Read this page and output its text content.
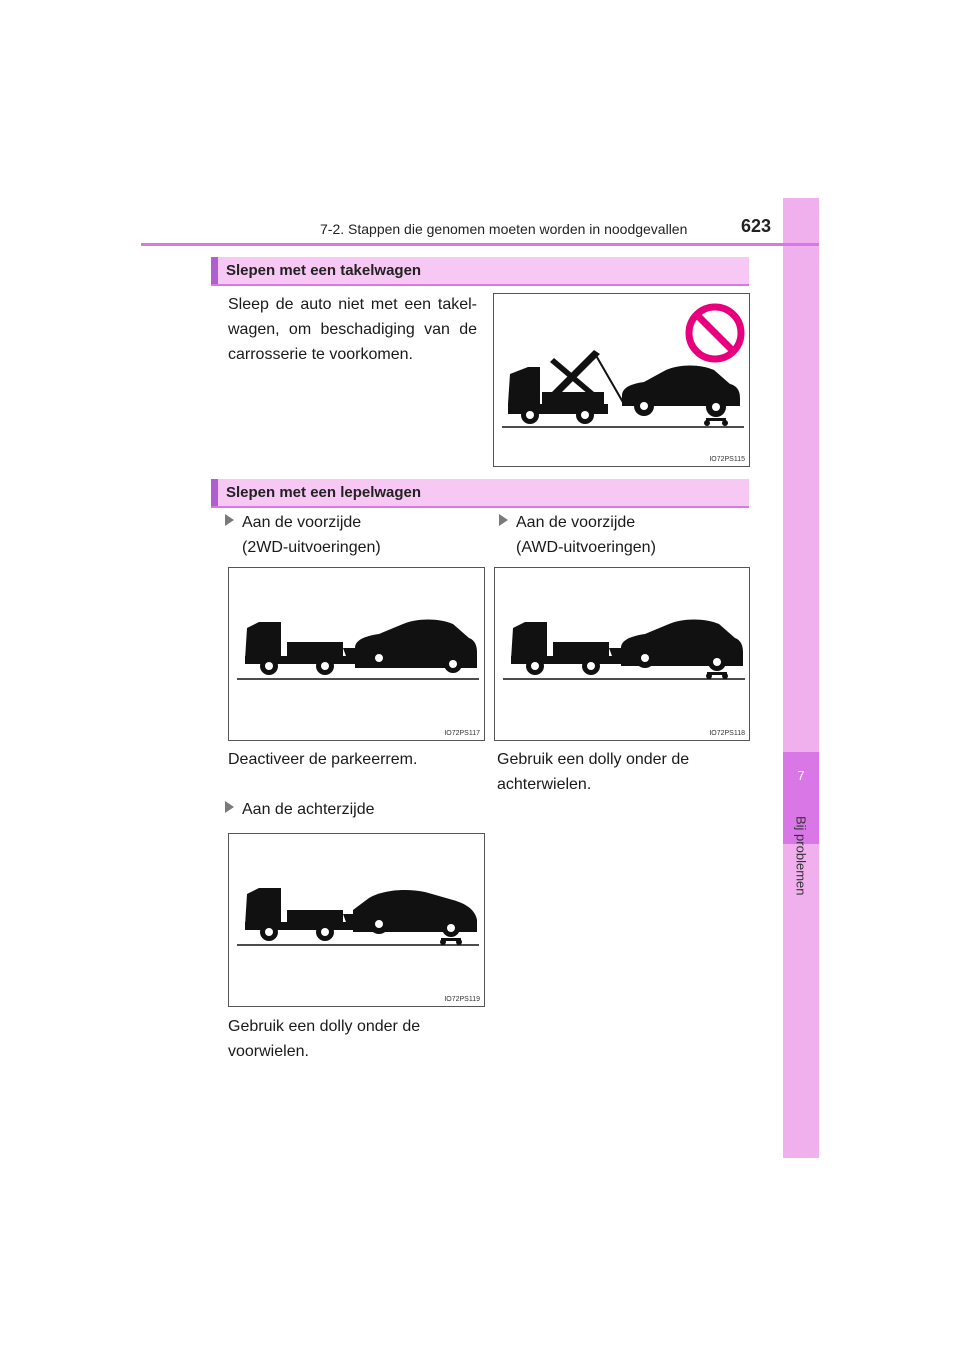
7
Bij problemen
7-2. Stappen die genomen moeten worden in noodgevallen	623
Slepen met een takelwagen
Sleep de auto niet met een takel-wagen, om beschadiging van de carrosserie te voorkomen.
IO72PS115
Slepen met een lepelwagen
Aan de voorzijde
(2WD-uitvoeringen)
IO72PS117
Deactiveer de parkeerrem.
Aan de voorzijde
(AWD-uitvoeringen)
IO72PS118
Gebruik een dolly onder de achterwielen.
Aan de achterzijde
IO72PS119
Gebruik een dolly onder de voorwielen.
